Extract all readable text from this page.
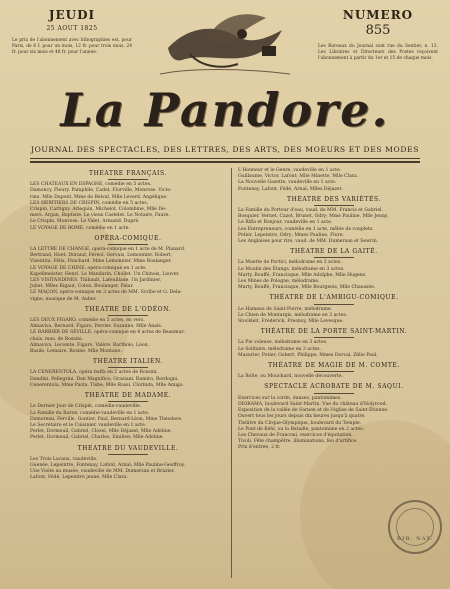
JEUDI
25 AOUT 1825
Le prix de l'abonnement avec lithographies est, pour Paris, de 6 f. pour un mois, 12 fr. pour trois mois, 24 fr. pour six mois et 48 fr. pour l'année.
NUMERO
855
Les Bureaux du Journal sont rue du Sentier, n. 13. Les Libraires et Directeurs des Postes reçoivent l'abonnement à partir du 1er et 15 de chaque mois.
La Pandore.
JOURNAL DES SPECTACLES, DES LETTRES, DES ARTS, DES MOEURS ET DES MODES
THEATRE FRANÇAIS.
LES CHATEAUX EN ESPAGNE, comédie en 5 actes.
Damoncy, Fleury. Pamphile, Cadet. Florville, Monrose. Victo-
rine, Mlle Dupont. Mme de Belval, Mlle Leverd. Angélique.
LES HÉRITIERS DE CRISPIN, comédie en 5 actes.
Crispin, Cartigny. Arlequin, Michelot. Colombine, Mlle De-
mers. Argan, Baptiste. Le vieux Castelet. Le Notaire, Faure.
Le Crispin, Monrose. Le Valet, Armand. Dupré.
LE VOYAGE DE ROME, comédie en 1 acte.
OPÉRA-COMIQUE.
LA LETTRE DE CHANGE, opéra-comique en 1 acte de M. Planard.
Bertrand, Huet. Durand, Féréol. Gervais, Lemonnier. Robert,
Vizentini. Félix, Ponchard. Mme Lemonnier. Mme Boulanger.
LE VOYAGE DE CHINE, opéra-comique en 1 acte.
Kapellmeister, Henri. Le Mandarin, Chollet. Un Chinois, Louvet.
LES VISITANDINES. Thibault, Lafeuillade. Un Jardinier,
Juliet. Mlles Rigaut, Colon, Boulanger, Palar.
LE MAÇON, opéra-comique en 3 actes de MM. Scribe et G. Dela-
vigne, musique de M. Auber.
THEATRE DE L'ODÉON.
LES DEUX FIGARO, comédie en 5 actes, en vers.
Almaviva, Bernard. Figaro, Perrier. Suzanne, Mlle Anaïs.
LE BARBIER DE SÉVILLE, opéra-comique en 4 actes de Beaumar-
chais, mus. de Rossini.
Almaviva, Lecomte. Figaro, Valère. Bartholo, Léon.
Basile, Lemaire. Rosine, Mlle Montano.
THÉATRE ITALIEN.
LA CENERENTOLA, opéra buffa en 2 actes de Rossini.
Dandini, Pellegrini. Don Magnifico, Graziani. Ramiro, Bordogni.
Cenerentola, Mme Pasta. Tisbe, Mlle Rossi. Clorinda, Mlle Amigo.
THEATRE DE MADAME.
Le Dernier Jour de Crispin, comédie-vaudeville.
La Famille du Baron, comédie-vaudeville en 1 acte.
Damoreau, Ferville, Gontier, Paul, Bernard-Léon, Mme Théodore.
Le Secrétaire et le Cuisinier, vaudeville en 1 acte.
Perlet, Dormeuil, Gabriel, Clozel, Mlle Déjazet, Mlle Adeline.
Perlet, Dormeuil, Gabriel, Charles, Emilien; Mlle Adeline.
THEATRE DU VAUDEVILLE.
Les Trois Lacaux, vaudeville.
Guenée, Lepeintre, Fontenay, Lafont, Arnal; Mlle Pauline-Geoffroy.
Une Visite au musée, vaudeville de MM. Dumersan et Brazier.
Lafont, Fédé, Lepeintre jeune, Mlle Clara.
L'Honneur et le Genre, vaudeville en 1 acte.
Guillaume, Victor, Lafont; Mlle Minette, Mlle Clara.
La Nouvelle Gazette, vaudeville en 1 acte.
Fontenay, Lafont, Fédé, Arnal; Mlles Déjazet.
THÉATRE DES VARIÉTÉS.
La Famille du Porteur d'eau, vaud. de MM. Francis et Gabriel.
Bosquier, Vernet, Cazot, Brunet, Odry; Mme Pauline, Mlle Jenny.
Le Rifla et Bonjour, vaudeville en 1 acte.
Les Entrepreneurs, comédie en 1 acte, mêlée de couplets.
Potier, Lepeintre, Odry; Mmes Pauline, Flore.
Les Anglaises pour rire, vaud. de MM. Dumersan et Sewrin.
THÉATRE DE LA GAITÉ.
La Muette de Portici, mélodrame en 3 actes.
Le Moulin des Étangs, mélodrame en 3 actes.
Marty, Bouffé, Francisque, Mlle Adolphe, Mlle Hugens.
Les Mines de Pologne, mélodrame.
Marty, Bouffé, Francisque, Mlle Bourgeois, Mlle Chaussée.
THÉATRE DE L'AMBIGU-COMIQUE.
Le Hameau de Saint-Pierre, mélodrame.
Le Chien de Montargis, mélodrame en 3 actes.
Stockleit, Frédérick, Fresnoy, Mlle Levesque.
THÉATRE DE LA PORTE SAINT-MARTIN.
La Pie voleuse, mélodrame en 3 actes.
Le Solitaire, mélodrame en 3 actes.
Mazurier, Potier, Gobert, Philippe; Mmes Dorval, Zélie Paul.
THÉATRE DE MAGIE DE M. COMTE.
La Boîte, ou Mouchard, nouvelle découverte.
SPECTACLE ACROBATE DE M. SAQUI.
Exercices sur la corde, danses, pantomimes.
DIORAMA, boulevard Saint-Martin. Vue du château d'Holyrood.
Exposition de la vallée de Sarnen et de l'église de Saint-Étienne.
Ouvert tous les jours depuis dix heures jusqu'à quatre.
Théâtre du Cirque-Olympique, boulevard du Temple.
Le Pont de Kehl, ou la Bataille, pantomime en 2 actes.
Les Chevaux de Franconi, exercices d'équitation.
Tivoli. Fête champêtre, illuminations, feu d'artifice.
Prix d'entrée, 2 fr.
BIB. NAT.
